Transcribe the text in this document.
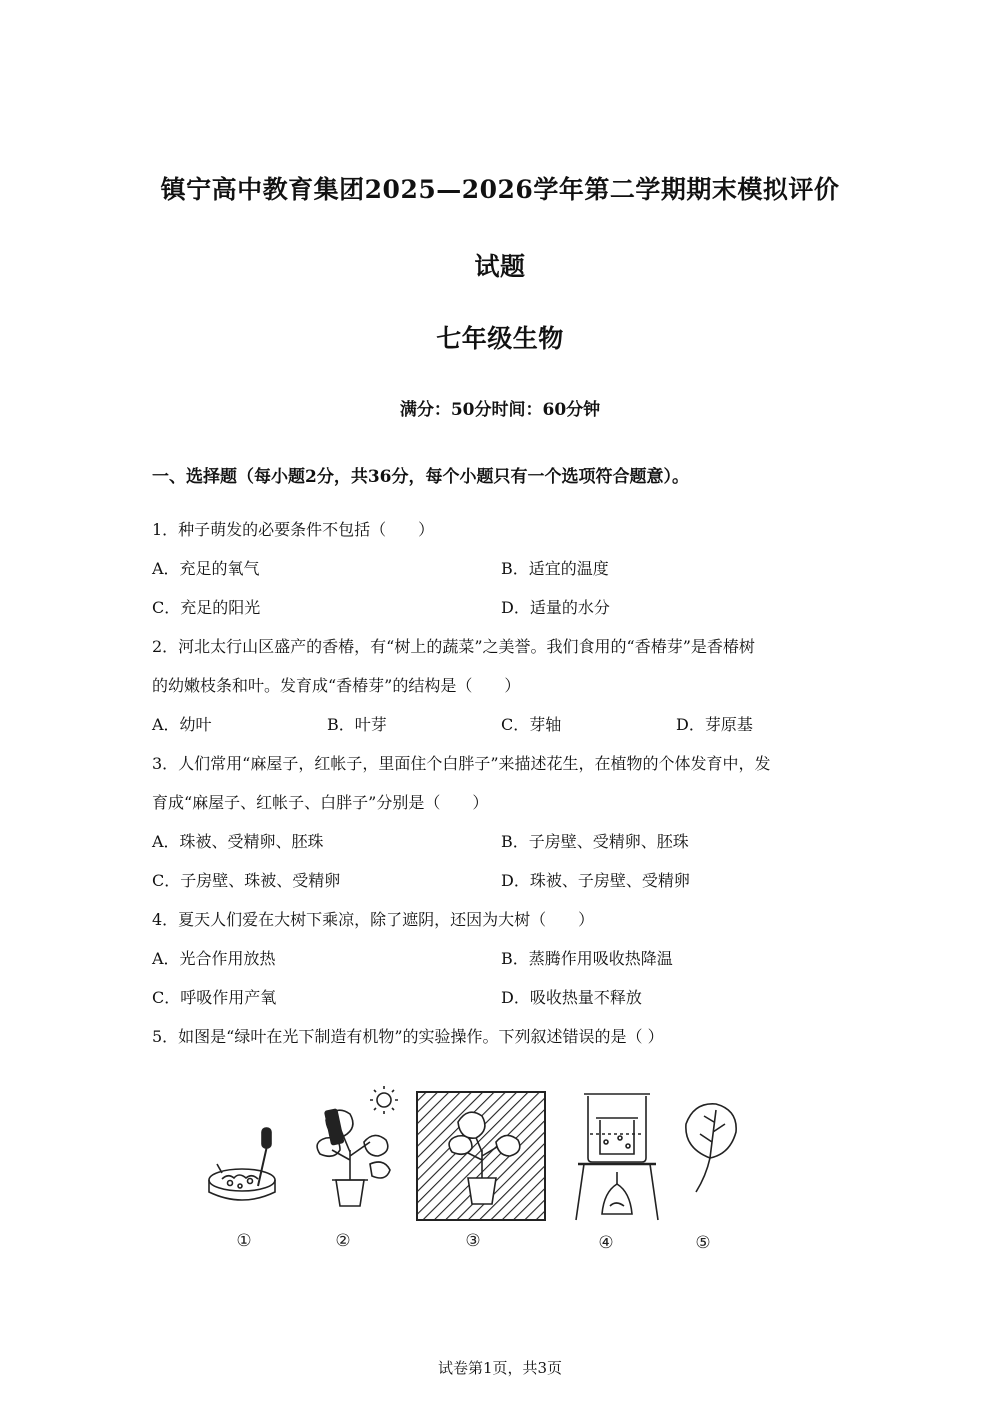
镇宁高中教育集团2025—2026学年第二学期期末模拟评价
试题
七年级生物
满分：50分时间：60分钟
一、选择题（每小题2分，共36分，每个小题只有一个选项符合题意）。
1．种子萌发的必要条件不包括（　　）
A．充足的氧气	B．适宜的温度
C．充足的阳光	D．适量的水分
2．河北太行山区盛产的香椿，有“树上的蔬菜”之美誉。我们食用的“香椿芽”是香椿树
的幼嫩枝条和叶。发育成“香椿芽”的结构是（　　）
A．幼叶	B．叶芽	C．芽轴	D．芽原基
3．人们常用“麻屋子，红帐子，里面住个白胖子”来描述花生，在植物的个体发育中，发
育成“麻屋子、红帐子、白胖子”分别是（　　）
A．珠被、受精卵、胚珠	B．子房壁、受精卵、胚珠
C．子房壁、珠被、受精卵	D．珠被、子房壁、受精卵
4．夏天人们爱在大树下乘凉，除了遮阴，还因为大树（　　）
A．光合作用放热	B．蒸腾作用吸收热降温
C．呼吸作用产氧	D．吸收热量不释放
5．如图是“绿叶在光下制造有机物”的实验操作。下列叙述错误的是（ ）
①	②	③	④	⑤
试卷第1页，共3页
